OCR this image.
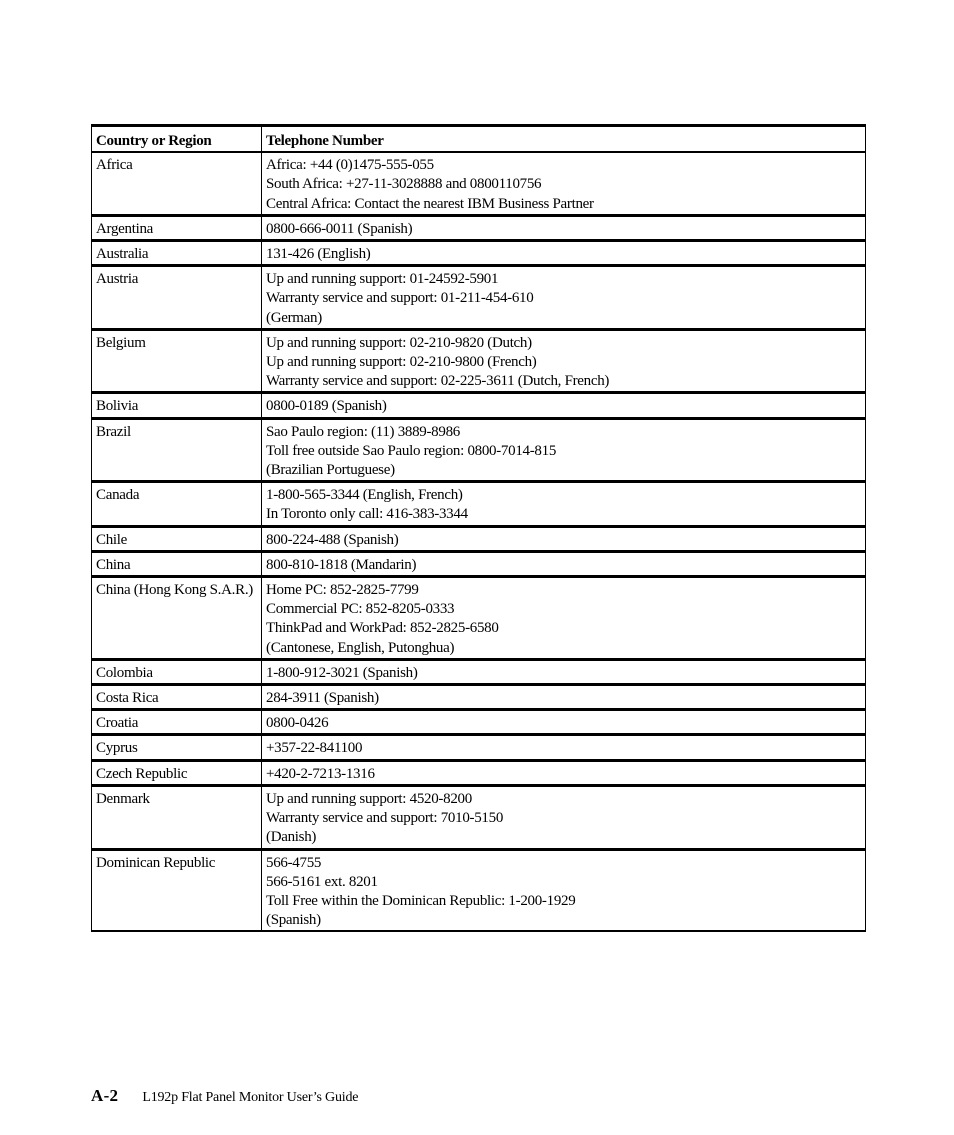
Country or Region	Telephone Number
Africa	Africa: +44 (0)1475-555-055
South Africa: +27-11-3028888 and 0800110756
Central Africa: Contact the nearest IBM Business Partner

Argentina	0800-666-0011 (Spanish)

Australia	131-426 (English)

Austria	Up and running support: 01-24592-5901
Warranty service and support: 01-211-454-610
(German)

Belgium	Up and running support: 02-210-9820 (Dutch)
Up and running support: 02-210-9800 (French)
Warranty service and support: 02-225-3611 (Dutch, French)

Bolivia	0800-0189 (Spanish)

Brazil	Sao Paulo region: (11) 3889-8986
Toll free outside Sao Paulo region: 0800-7014-815
(Brazilian Portuguese)

Canada	1-800-565-3344 (English, French)
In Toronto only call: 416-383-3344

Chile	800-224-488 (Spanish)

China	800-810-1818 (Mandarin)

China (Hong Kong S.A.R.)	Home PC: 852-2825-7799
Commercial PC: 852-8205-0333
ThinkPad and WorkPad: 852-2825-6580
(Cantonese, English, Putonghua)

Colombia	1-800-912-3021 (Spanish)

Costa Rica	284-3911 (Spanish)

Croatia	0800-0426

Cyprus	+357-22-841100

Czech Republic	+420-2-7213-1316

Denmark	Up and running support: 4520-8200
Warranty service and support: 7010-5150
(Danish)

Dominican Republic	566-4755
566-5161 ext. 8201
Toll Free within the Dominican Republic: 1-200-1929
(Spanish)
A-2 L192p Flat Panel Monitor User’s Guide
